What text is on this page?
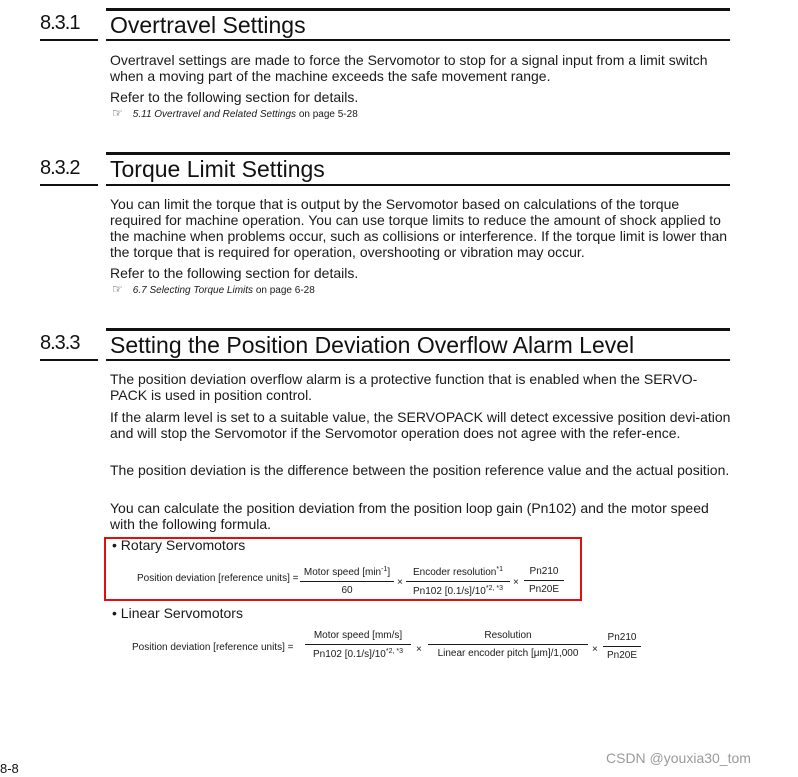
8.3.1 Overtravel Settings
Overtravel settings are made to force the Servomotor to stop for a signal input from a limit switch when a moving part of the machine exceeds the safe movement range.
Refer to the following section for details.
☞ 5.11 Overtravel and Related Settings on page 5-28
8.3.2 Torque Limit Settings
You can limit the torque that is output by the Servomotor based on calculations of the torque required for machine operation. You can use torque limits to reduce the amount of shock applied to the machine when problems occur, such as collisions or interference. If the torque limit is lower than the torque that is required for operation, overshooting or vibration may occur.
Refer to the following section for details.
☞ 6.7 Selecting Torque Limits on page 6-28
8.3.3 Setting the Position Deviation Overflow Alarm Level
The position deviation overflow alarm is a protective function that is enabled when the SERVO-PACK is used in position control.
If the alarm level is set to a suitable value, the SERVOPACK will detect excessive position devi-ation and will stop the Servomotor if the Servomotor operation does not agree with the refer-ence.
The position deviation is the difference between the position reference value and the actual position.
You can calculate the position deviation from the position loop gain (Pn102) and the motor speed with the following formula.
• Rotary Servomotors
Position deviation [reference units] =
Motor speed $[\min^{-1}]$
60
×
Encoder resolution$^{*1}$
Pn102 $[0.1/s]/10^{*2, *3}$
× $\frac{Pn210}{Pn20E}$
• Linear Servomotors
Position deviation [reference units] =
Motor speed [mm/s]
Pn102 $[0.1/s]/10^{*2, *3}$	×
Resolution
Linear encoder pitch [μm]/1,000	× $\frac{Pn210}{Pn20E}$
8-8
CSDN @youxia30_tom
